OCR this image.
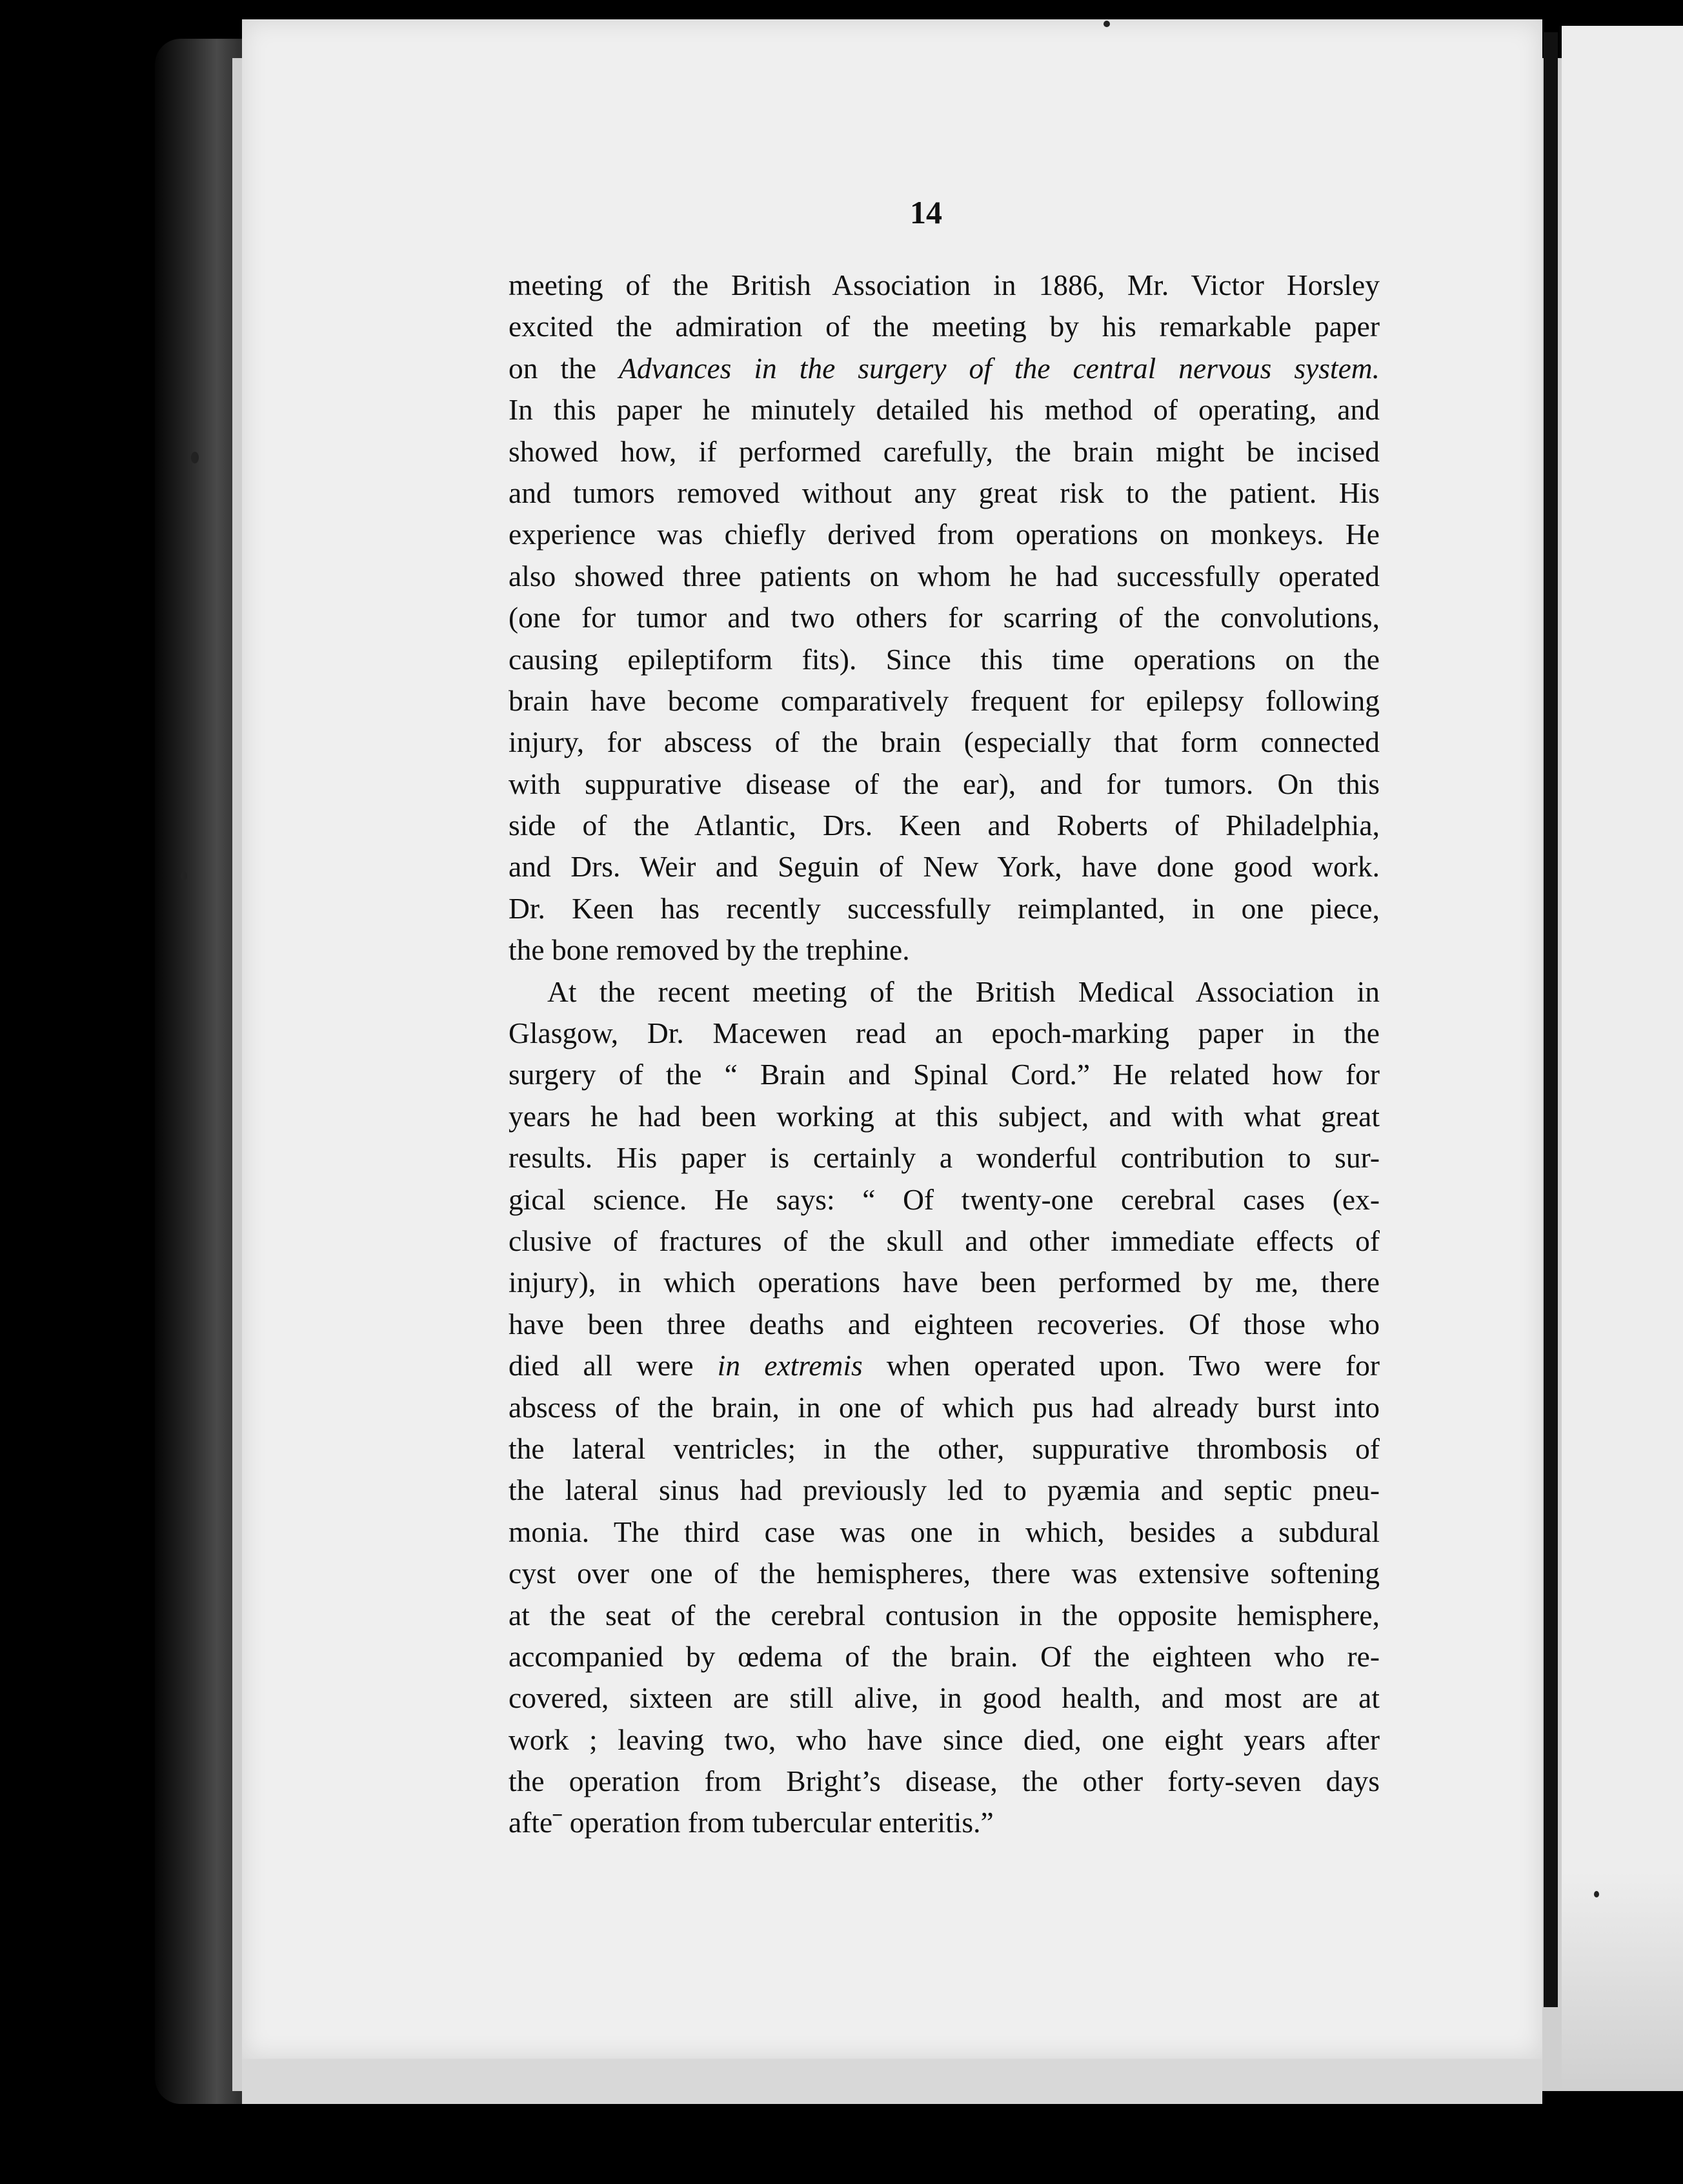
14
meeting of the British Association in 1886, Mr. Victor Horsley
excited the admiration of the meeting by his remarkable paper
on the Advances in the surgery of the central nervous system.
In this paper he minutely detailed his method of operating, and
showed how, if performed carefully, the brain might be incised
and tumors removed without any great risk to the patient. His
experience was chiefly derived from operations on monkeys. He
also showed three patients on whom he had successfully operated
(one for tumor and two others for scarring of the convolutions,
causing epileptiform fits). Since this time operations on the
brain have become comparatively frequent for epilepsy following
injury, for abscess of the brain (especially that form connected
with suppurative disease of the ear), and for tumors. On this
side of the Atlantic, Drs. Keen and Roberts of Philadelphia,
and Drs. Weir and Seguin of New York, have done good work.
Dr. Keen has recently successfully reimplanted, in one piece,
the bone removed by the trephine.
At the recent meeting of the British Medical Association in
Glasgow, Dr. Macewen read an epoch-marking paper in the
surgery of the “ Brain and Spinal Cord.” He related how for
years he had been working at this subject, and with what great
results. His paper is certainly a wonderful contribution to sur-
gical science. He says: “ Of twenty-one cerebral cases (ex-
clusive of fractures of the skull and other immediate effects of
injury), in which operations have been performed by me, there
have been three deaths and eighteen recoveries. Of those who
died all were in extremis when operated upon. Two were for
abscess of the brain, in one of which pus had already burst into
the lateral ventricles; in the other, suppurative thrombosis of
the lateral sinus had previously led to pyæmia and septic pneu-
monia. The third case was one in which, besides a subdural
cyst over one of the hemispheres, there was extensive softening
at the seat of the cerebral contusion in the opposite hemisphere,
accompanied by œdema of the brain. Of the eighteen who re-
covered, sixteen are still alive, in good health, and most are at
work ; leaving two, who have since died, one eight years after
the operation from Bright’s disease, the other forty-seven days
afteˉ operation from tubercular enteritis.”
